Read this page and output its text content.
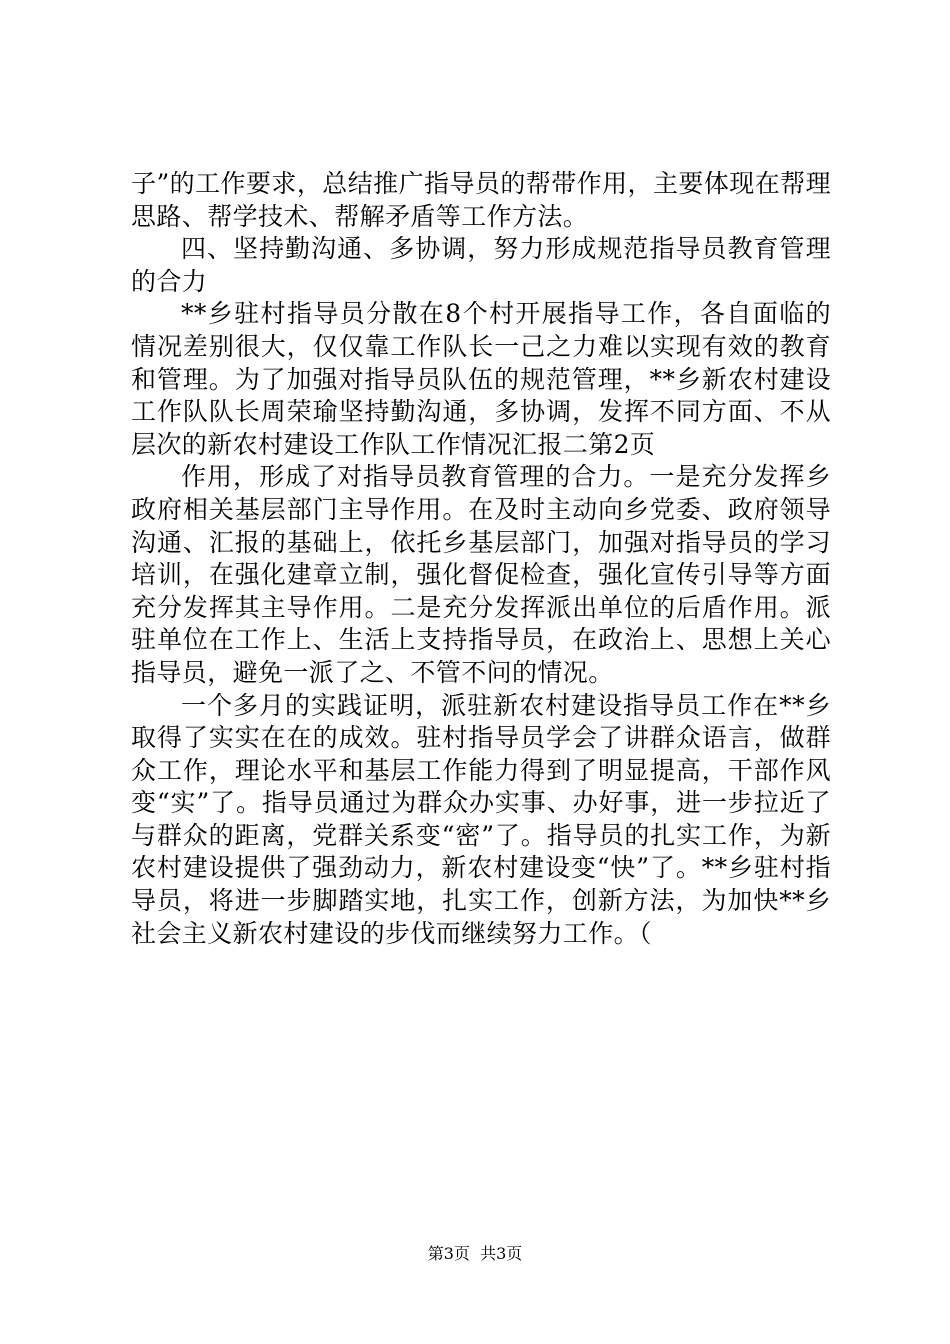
子”的工作要求，总结推广指导员的帮带作用，主要体现在帮理思路、帮学技术、帮解矛盾等工作方法。

四、坚持勤沟通、多协调，努力形成规范指导员教育管理的合力

**乡驻村指导员分散在8个村开展指导工作，各自面临的情况差别很大，仅仅靠工作队长一己之力难以实现有效的教育和管理。为了加强对指导员队伍的规范管理，**乡新农村建设工作队队长周荣瑜坚持勤沟通，多协调，发挥不同方面、不从层次的新农村建设工作队工作情况汇报二第2页

作用，形成了对指导员教育管理的合力。一是充分发挥乡政府相关基层部门主导作用。在及时主动向乡党委、政府领导沟通、汇报的基础上，依托乡基层部门，加强对指导员的学习培训，在强化建章立制，强化督促检查，强化宣传引导等方面充分发挥其主导作用。二是充分发挥派出单位的后盾作用。派驻单位在工作上、生活上支持指导员，在政治上、思想上关心指导员，避免一派了之、不管不问的情况。

一个多月的实践证明，派驻新农村建设指导员工作在**乡取得了实实在在的成效。驻村指导员学会了讲群众语言，做群众工作，理论水平和基层工作能力得到了明显提高，干部作风变“实”了。指导员通过为群众办实事、办好事，进一步拉近了与群众的距离，党群关系变“密”了。指导员的扎实工作，为新农村建设提供了强劲动力，新农村建设变“快”了。**乡驻村指导员，将进一步脚踏实地，扎实工作，创新方法，为加快**乡社会主义新农村建设的步伐而继续努力工作。（

第3页 共3页
